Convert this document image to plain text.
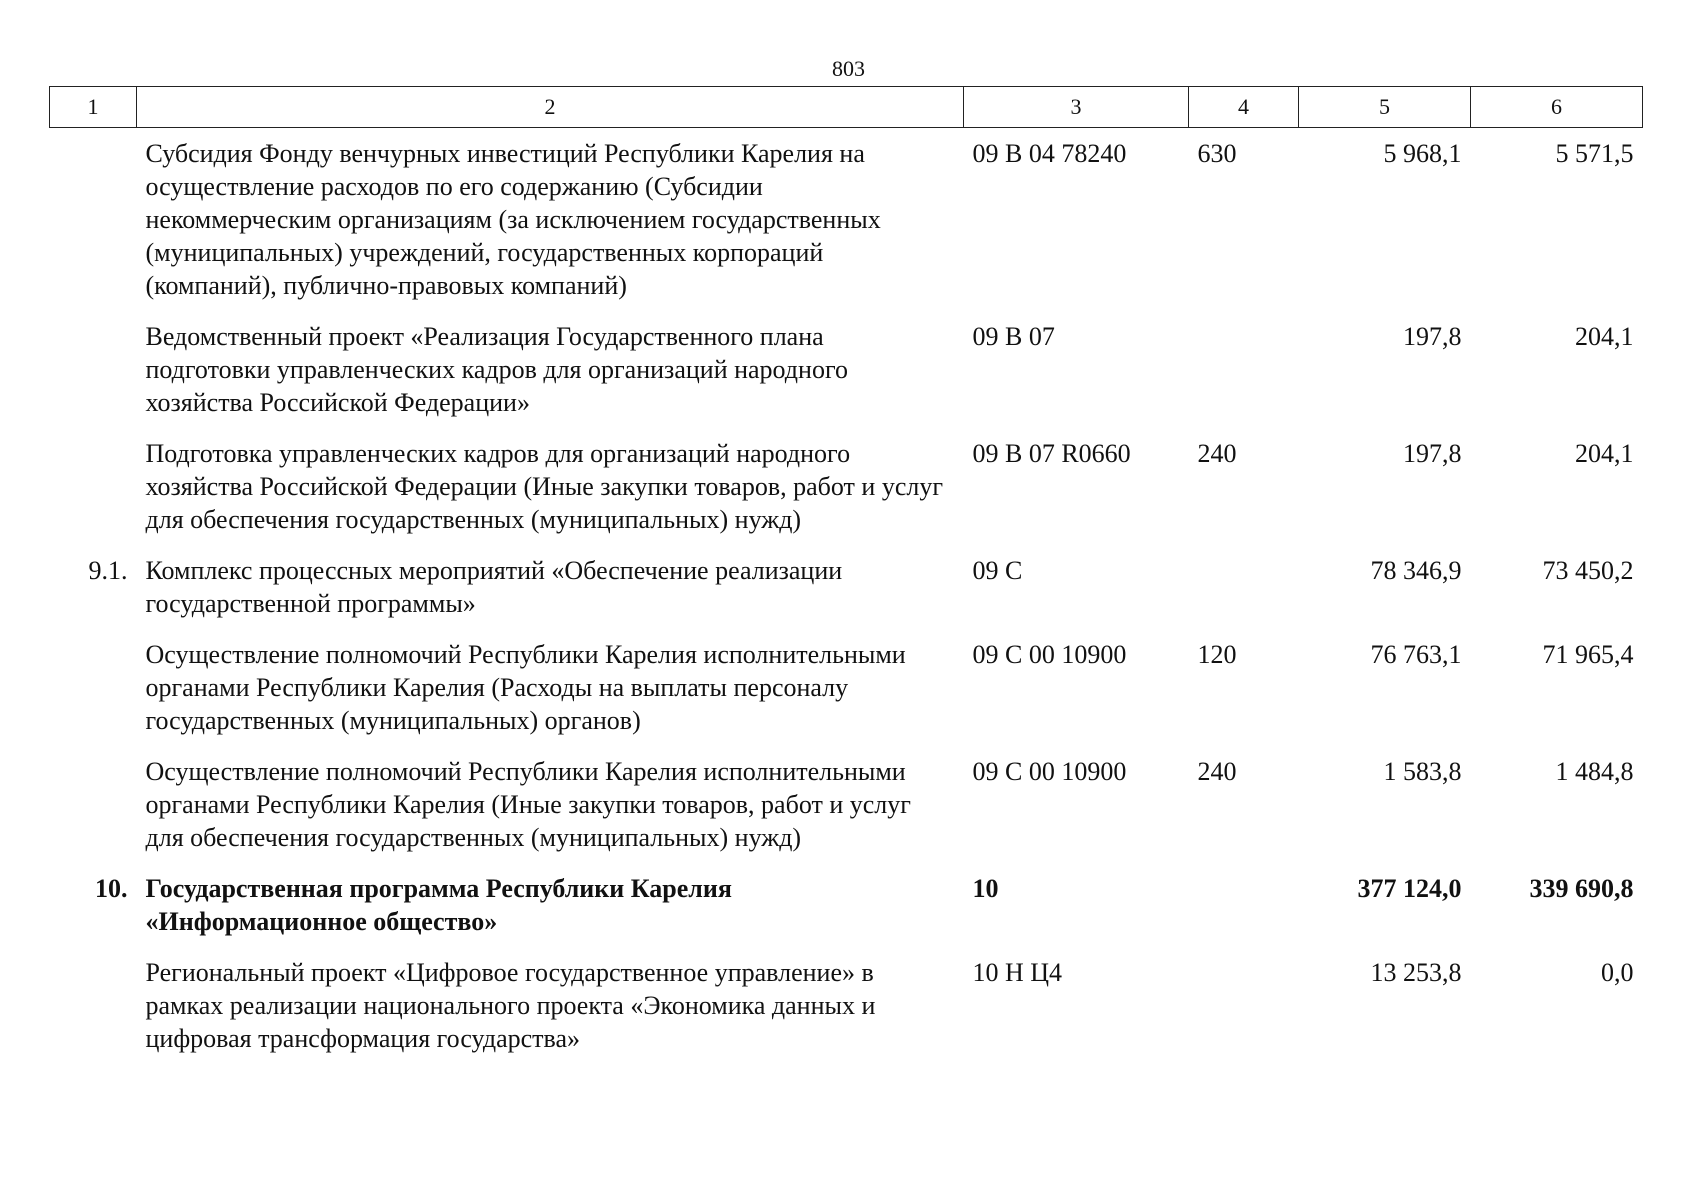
803
1	2	3	4	5	6
	Субсидия Фонду венчурных инвестиций Республики Карелия на осуществление расходов по его содержанию (Субсидии некоммерческим организациям (за исключением государственных (муниципальных) учреждений, государственных корпораций (компаний), публично-правовых компаний)	09 В 04 78240	630	5 968,1	5 571,5
	Ведомственный проект «Реализация Государственного плана подготовки управленческих кадров для организаций народного хозяйства Российской Федерации»	09 В 07		197,8	204,1
	Подготовка управленческих кадров для организаций народного хозяйства Российской Федерации (Иные закупки товаров, работ и услуг для обеспечения государственных (муниципальных) нужд)	09 В 07 R0660	240	197,8	204,1
9.1.	Комплекс процессных мероприятий «Обеспечение реализации государственной программы»	09 С		78 346,9	73 450,2
	Осуществление полномочий Республики Карелия исполнительными органами Республики Карелия (Расходы на выплаты персоналу государственных (муниципальных) органов)	09 С 00 10900	120	76 763,1	71 965,4
	Осуществление полномочий Республики Карелия исполнительными органами Республики Карелия (Иные закупки товаров, работ и услуг для обеспечения государственных (муниципальных) нужд)	09 С 00 10900	240	1 583,8	1 484,8
10.	Государственная программа Республики Карелия «Информационное общество»	10		377 124,0	339 690,8
	Региональный проект «Цифровое государственное управление» в рамках реализации национального проекта «Экономика данных и цифровая трансформация государства»	10 Н Ц4		13 253,8	0,0
